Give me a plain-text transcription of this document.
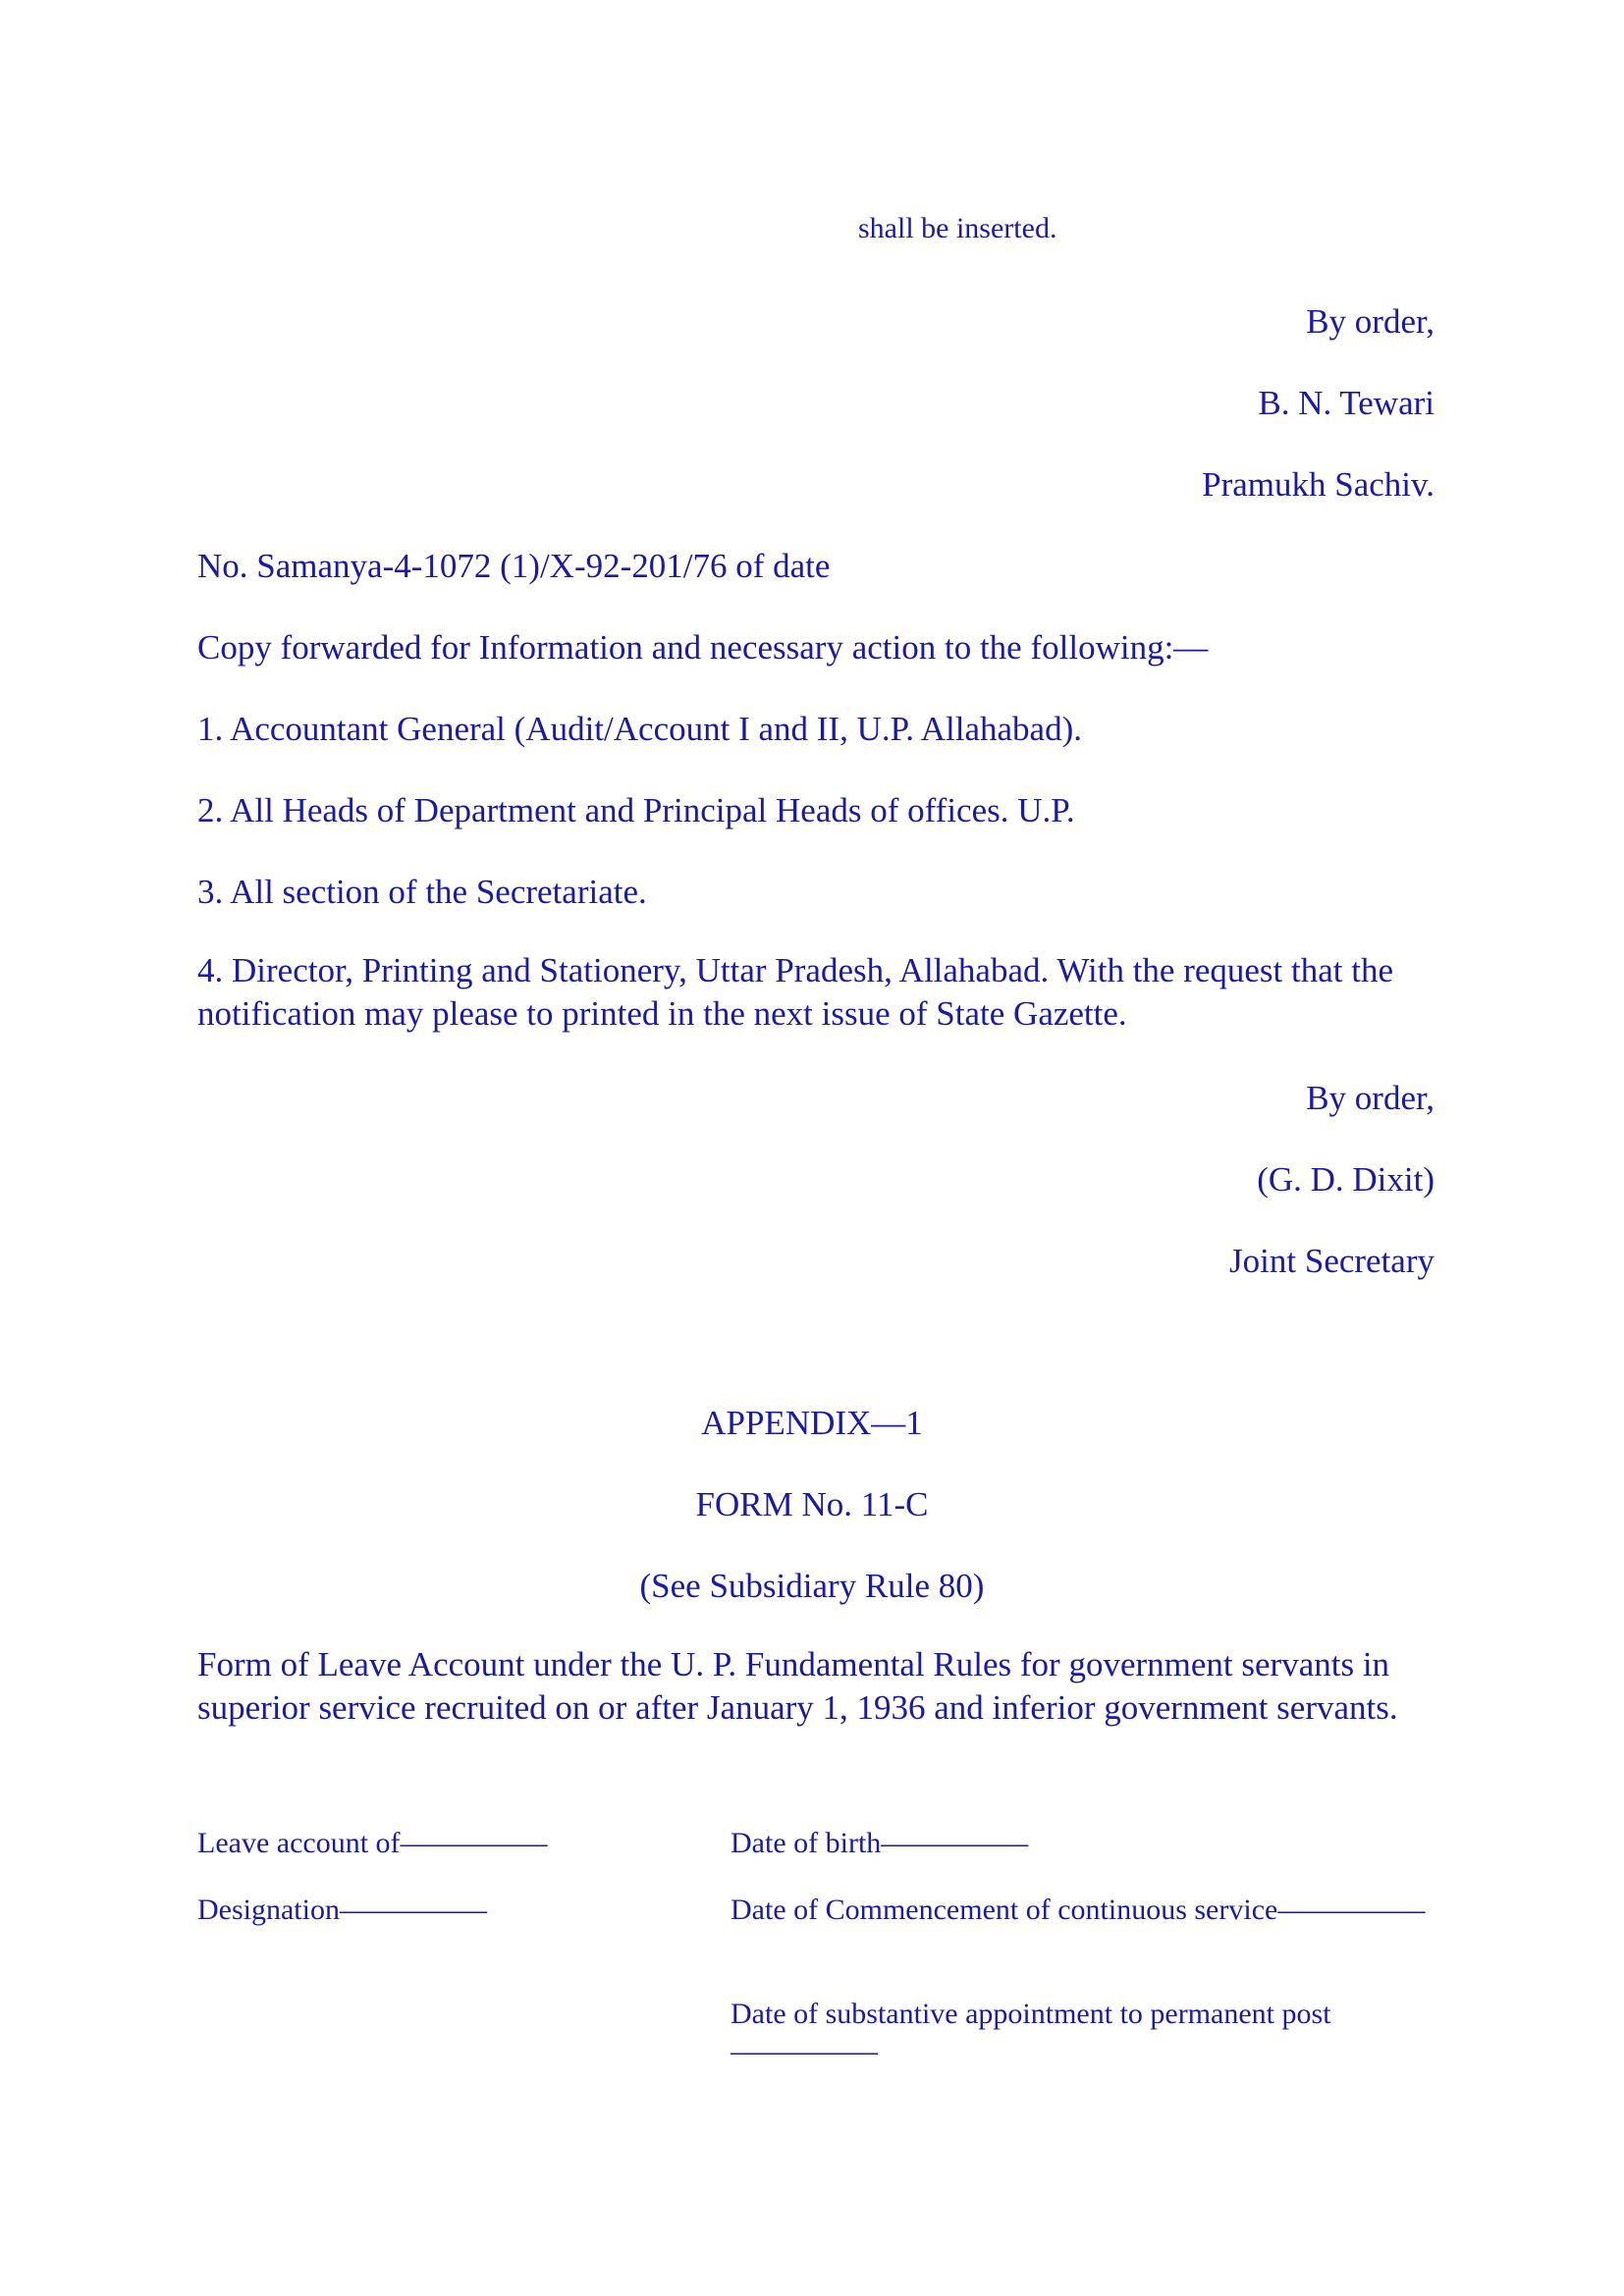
shall be inserted.
By order,
B. N. Tewari
Pramukh Sachiv.
No. Samanya-4-1072 (1)/X-92-201/76 of date
Copy forwarded for Information and necessary action to the following:—
1. Accountant General (Audit/Account I and II, U.P. Allahabad).
2. All Heads of Department and Principal Heads of offices. U.P.
3. All section of the Secretariate.
4. Director, Printing and Stationery, Uttar Pradesh, Allahabad. With the request that the notification may please to printed in the next issue of State Gazette.
By order,
(G. D. Dixit)
Joint Secretary
APPENDIX—1
FORM No. 11-C
(See Subsidiary Rule 80)
Form of Leave Account under the U. P. Fundamental Rules for government servants in superior service recruited on or after January 1, 1936 and inferior government servants.
Leave account of—————	Date of birth—————
Designation—————	Date of Commencement of continuous service—————
Date of substantive appointment to permanent post—————
